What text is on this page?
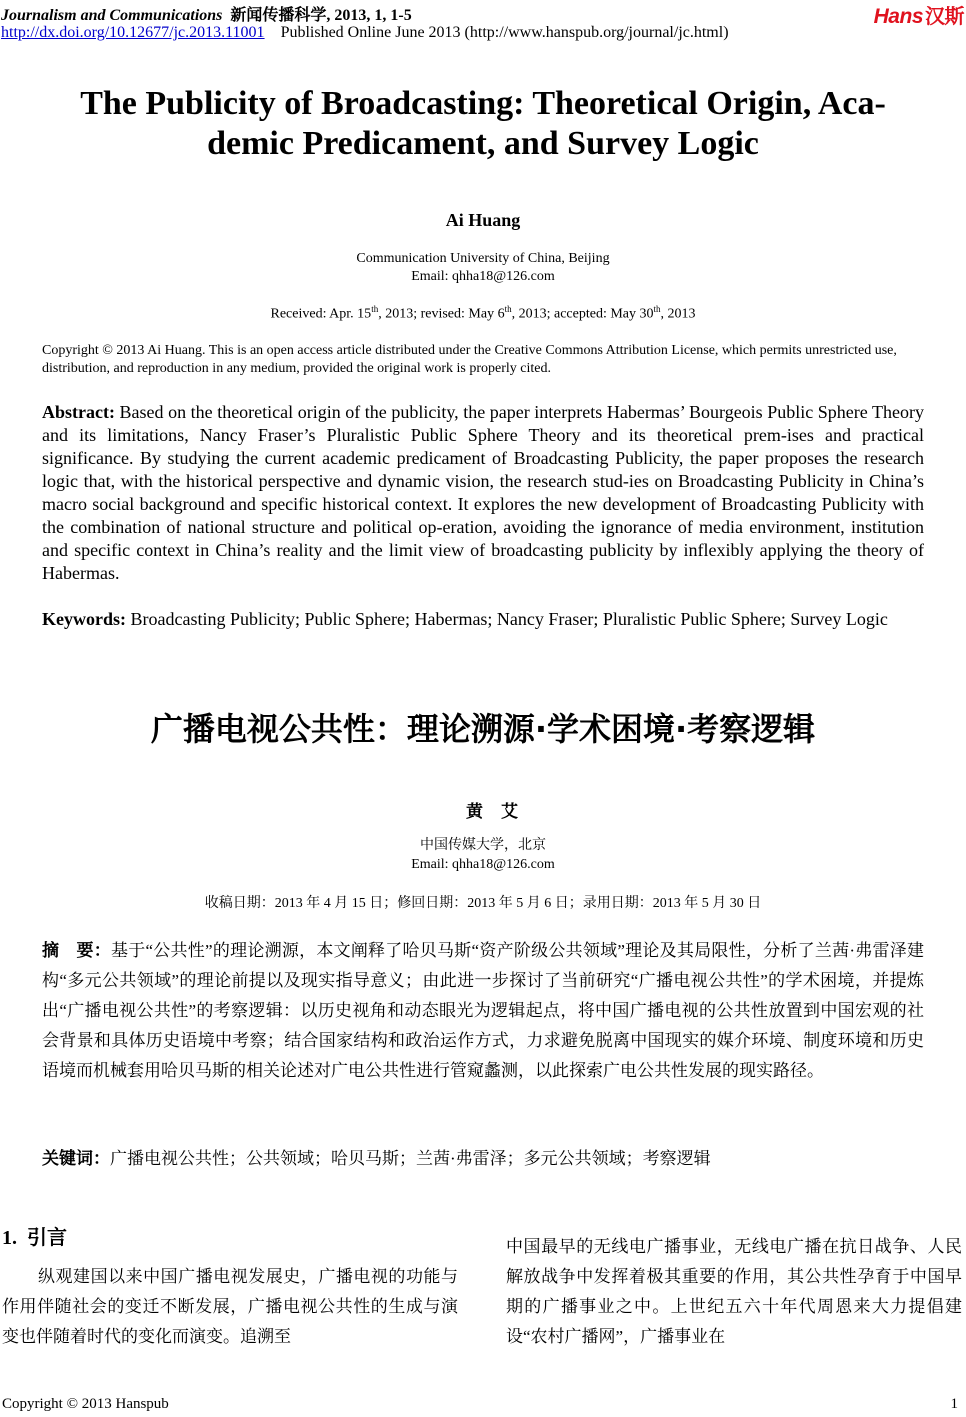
Journalism and Communications 新闻传播科学, 2013, 1, 1-5
http://dx.doi.org/10.12677/jc.2013.11001 Published Online June 2013 (http://www.hanspub.org/journal/jc.html)
Hans 汉斯
The Publicity of Broadcasting: Theoretical Origin, Aca-
demic Predicament, and Survey Logic
Ai Huang
Communication University of China, Beijing
Email: qhha18@126.com
Received: Apr. 15th, 2013; revised: May 6th, 2013; accepted: May 30th, 2013
Copyright © 2013 Ai Huang. This is an open access article distributed under the Creative Commons Attribution License, which permits unrestricted use, distribution, and reproduction in any medium, provided the original work is properly cited.
Abstract: Based on the theoretical origin of the publicity, the paper interprets Habermas’ Bourgeois Public Sphere Theory and its limitations, Nancy Fraser’s Pluralistic Public Sphere Theory and its theoretical prem-ises and practical significance. By studying the current academic predicament of Broadcasting Publicity, the paper proposes the research logic that, with the historical perspective and dynamic vision, the research stud-ies on Broadcasting Publicity in China’s macro social background and specific historical context. It explores the new development of Broadcasting Publicity with the combination of national structure and political op-eration, avoiding the ignorance of media environment, institution and specific context in China’s reality and the limit view of broadcasting publicity by inflexibly applying the theory of Habermas.
Keywords:
Broadcasting Publicity; Public Sphere; Habermas; Nancy Fraser; Pluralistic Public Sphere; Survey Logic
广播电视公共性：理论溯源·学术困境·考察逻辑
黄艾
中国传媒大学，北京
Email: qhha18@126.com
收稿日期：2013 年 4 月 15 日；修回日期：2013 年 5 月 6 日；录用日期：2013 年 5 月 30 日
摘　要：基于“公共性”的理论溯源，本文阐释了哈贝马斯“资产阶级公共领域”理论及其局限性，分析了兰茜·弗雷泽建构“多元公共领域”的理论前提以及现实指导意义；由此进一步探讨了当前研究“广播电视公共性”的学术困境，并提炼出“广播电视公共性”的考察逻辑：以历史视角和动态眼光为逻辑起点，将中国广播电视的公共性放置到中国宏观的社会背景和具体历史语境中考察；结合国家结构和政治运作方式，力求避免脱离中国现实的媒介环境、制度环境和历史语境而机械套用哈贝马斯的相关论述对广电公共性进行管窥蠡测，以此探索广电公共性发展的现实路径。
关键词：广播电视公共性；公共领域；哈贝马斯；兰茜·弗雷泽；多元公共领域；考察逻辑
1. 引言

纵观建国以来中国广播电视发展史，广播电视的功能与作用伴随社会的变迁不断发展，广播电视公共性的生成与演变也伴随着时代的变化而演变。追溯至

中国最早的无线电广播事业，无线电广播在抗日战争、人民解放战争中发挥着极其重要的作用，其公共性孕育于中国早期的广播事业之中。上世纪五六十年代周恩来大力提倡建设“农村广播网”，广播事业在

Copyright © 2013 Hanspub	1
